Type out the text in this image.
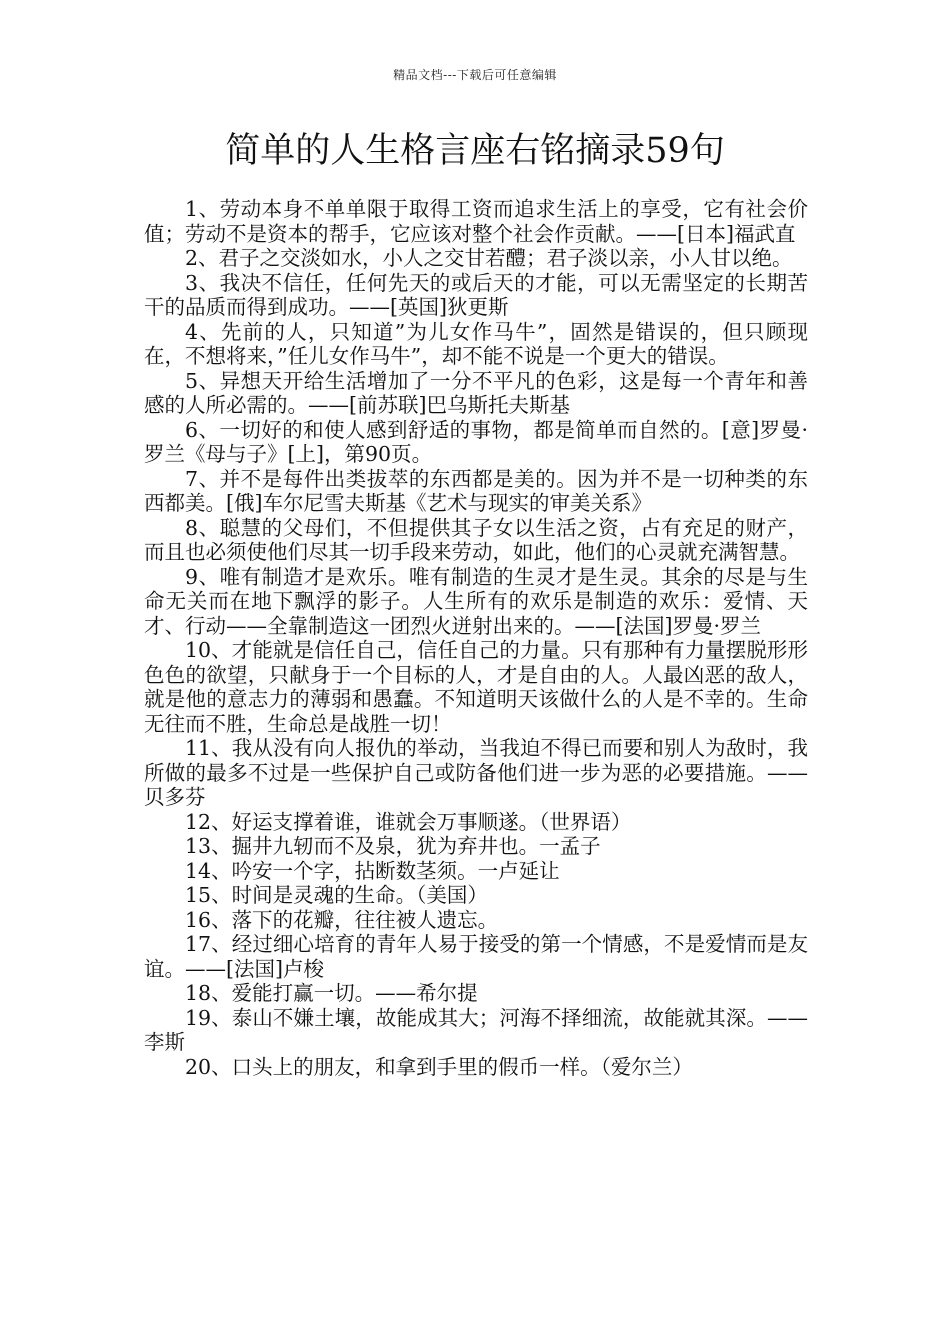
精品文档---下载后可任意编辑
简单的人生格言座右铭摘录59句

1、劳动本身不单单限于取得工资而追求生活上的享受，它有社会价值；劳动不是资本的帮手，它应该对整个社会作贡献。——[日本]福武直

2、君子之交淡如水，小人之交甘若醴；君子淡以亲，小人甘以绝。

3、我决不信任，任何先天的或后天的才能，可以无需坚定的长期苦干的品质而得到成功。——[英国]狄更斯

4、先前的人，只知道”为儿女作马牛”，固然是错误的，但只顾现在，不想将来，”任儿女作马牛”，却不能不说是一个更大的错误。

5、异想天开给生活增加了一分不平凡的色彩，这是每一个青年和善感的人所必需的。——[前苏联]巴乌斯托夫斯基

6、一切好的和使人感到舒适的事物，都是简单而自然的。[意]罗曼·罗兰《母与子》[上]，第90页。

7、并不是每件出类拔萃的东西都是美的。因为并不是一切种类的东西都美。[俄]车尔尼雪夫斯基《艺术与现实的审美关系》

8、聪慧的父母们，不但提供其子女以生活之资，占有充足的财产，而且也必须使他们尽其一切手段来劳动，如此，他们的心灵就充满智慧。

9、唯有制造才是欢乐。唯有制造的生灵才是生灵。其余的尽是与生命无关而在地下飘浮的影子。人生所有的欢乐是制造的欢乐：爱情、天才、行动——全靠制造这一团烈火迸射出来的。——[法国]罗曼·罗兰

10、才能就是信任自己，信任自己的力量。只有那种有力量摆脱形形色色的欲望，只献身于一个目标的人，才是自由的人。人最凶恶的敌人，就是他的意志力的薄弱和愚蠢。不知道明天该做什么的人是不幸的。生命无往而不胜，生命总是战胜一切！

11、我从没有向人报仇的举动，当我迫不得已而要和别人为敌时，我所做的最多不过是一些保护自己或防备他们进一步为恶的必要措施。——贝多芬

12、好运支撑着谁，谁就会万事顺遂。（世界语）

13、掘井九轫而不及泉，犹为弃井也。一孟子

14、吟安一个字，拈断数茎须。一卢延让

15、时间是灵魂的生命。（美国）

16、落下的花瓣，往往被人遗忘。

17、经过细心培育的青年人易于接受的第一个情感，不是爱情而是友谊。——[法国]卢梭

18、爱能打赢一切。——希尔提

19、泰山不嫌土壤，故能成其大；河海不择细流，故能就其深。——李斯

20、口头上的朋友，和拿到手里的假币一样。（爱尔兰）
